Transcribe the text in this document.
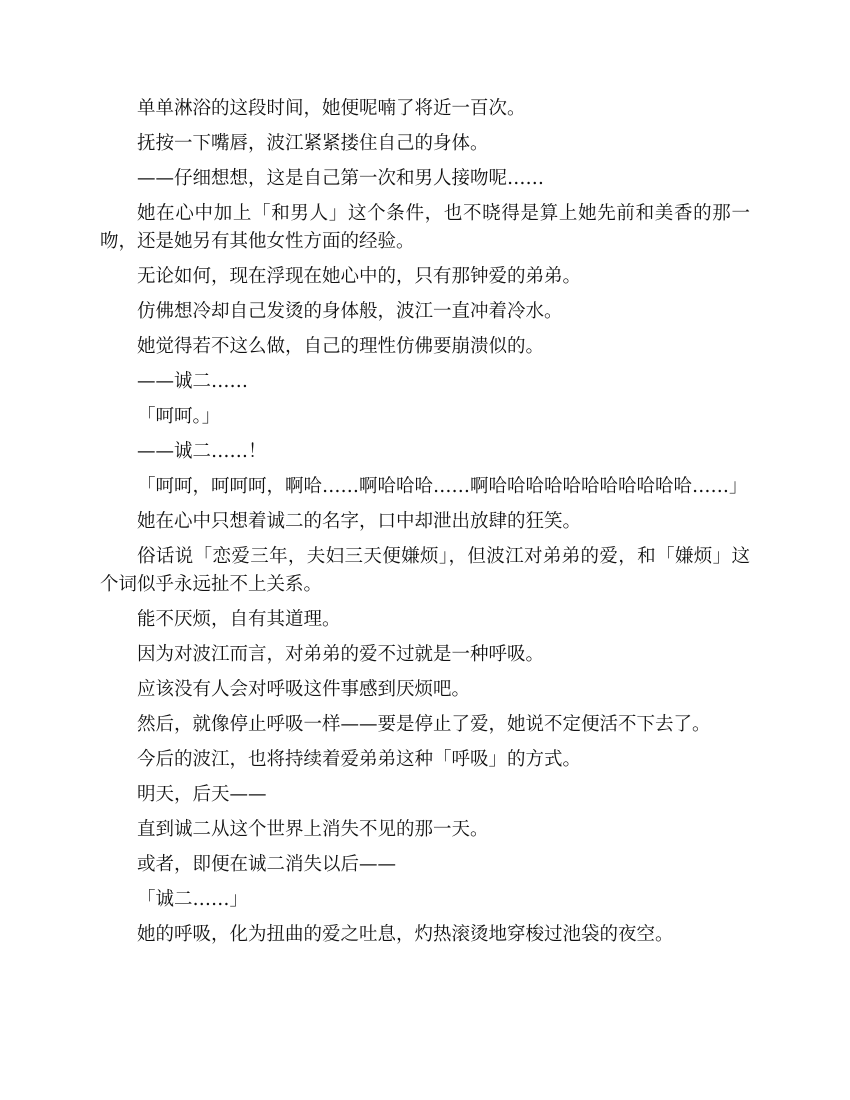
单单淋浴的这段时间，她便呢喃了将近一百次。

抚按一下嘴唇，波江紧紧搂住自己的身体。

——仔细想想，这是自己第一次和男人接吻呢……

她在心中加上「和男人」这个条件，也不晓得是算上她先前和美香的那一吻，还是她另有其他女性方面的经验。

无论如何，现在浮现在她心中的，只有那钟爱的弟弟。

仿佛想冷却自己发烫的身体般，波江一直冲着冷水。

她觉得若不这么做，自己的理性仿佛要崩溃似的。

——诚二……

「呵呵。」

——诚二……！

「呵呵，呵呵呵，啊哈……啊哈哈哈……啊哈哈哈哈哈哈哈哈哈哈哈……」

她在心中只想着诚二的名字，口中却泄出放肆的狂笑。

俗话说「恋爱三年，夫妇三天便嫌烦」，但波江对弟弟的爱，和「嫌烦」这个词似乎永远扯不上关系。

能不厌烦，自有其道理。

因为对波江而言，对弟弟的爱不过就是一种呼吸。

应该没有人会对呼吸这件事感到厌烦吧。

然后，就像停止呼吸一样——要是停止了爱，她说不定便活不下去了。

今后的波江，也将持续着爱弟弟这种「呼吸」的方式。

明天，后天——

直到诚二从这个世界上消失不见的那一天。

或者，即便在诚二消失以后——

「诚二……」

她的呼吸，化为扭曲的爱之吐息，灼热滚烫地穿梭过池袋的夜空。
